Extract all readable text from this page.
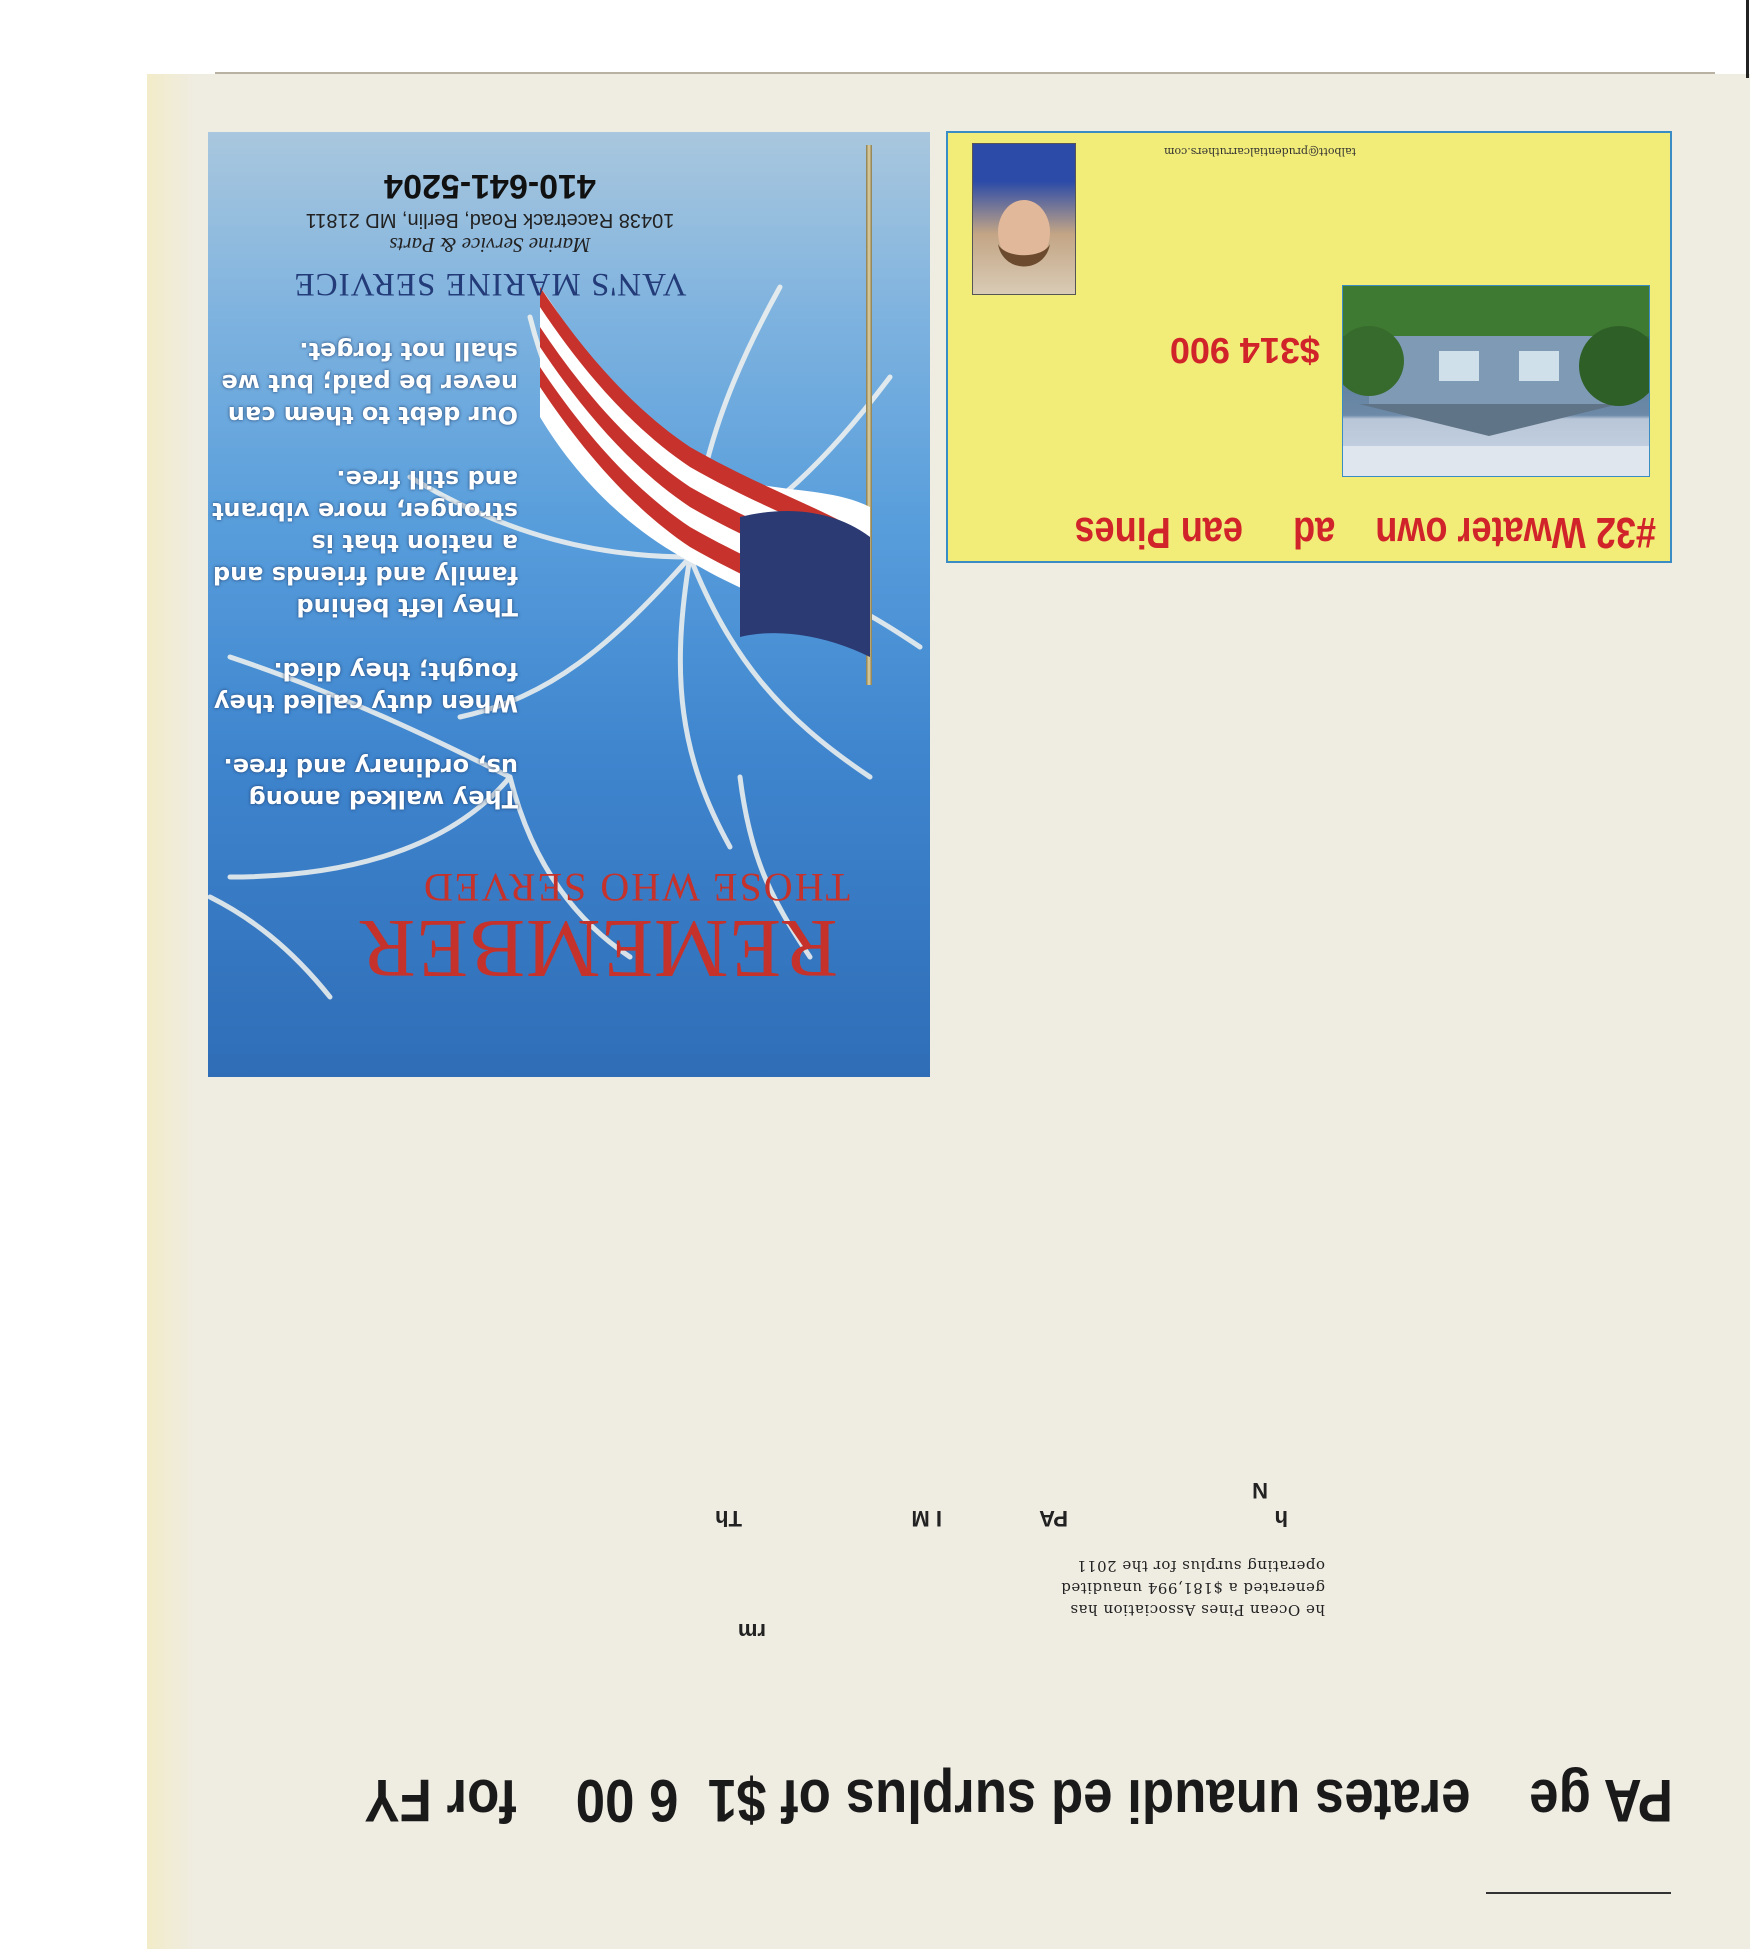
PA ge    erates unaudi ed surplus of $1  6 00    for FY
rm
he Ocean Pines Association has generated a $181,994 unaudited operating surplus for the 2011
h
N
PA
I M
Th
REMEMBER
THOSE WHO SERVED

They walked among us, ordinary and free.

When duty called they fought; they died.

They left behind family and friends and a nation that is stronger, more vibrant and still free.

Our debt to them can never be paid; but we shall not forget.

VAN'S MARINE SERVICE
Marine Service & Parts
10438 Racetrack Road, Berlin, MD 21811
410-641-5204
#32 Wwater own    ad     ean Pines
$314 900
talbott@prudentialcarruthers.com
